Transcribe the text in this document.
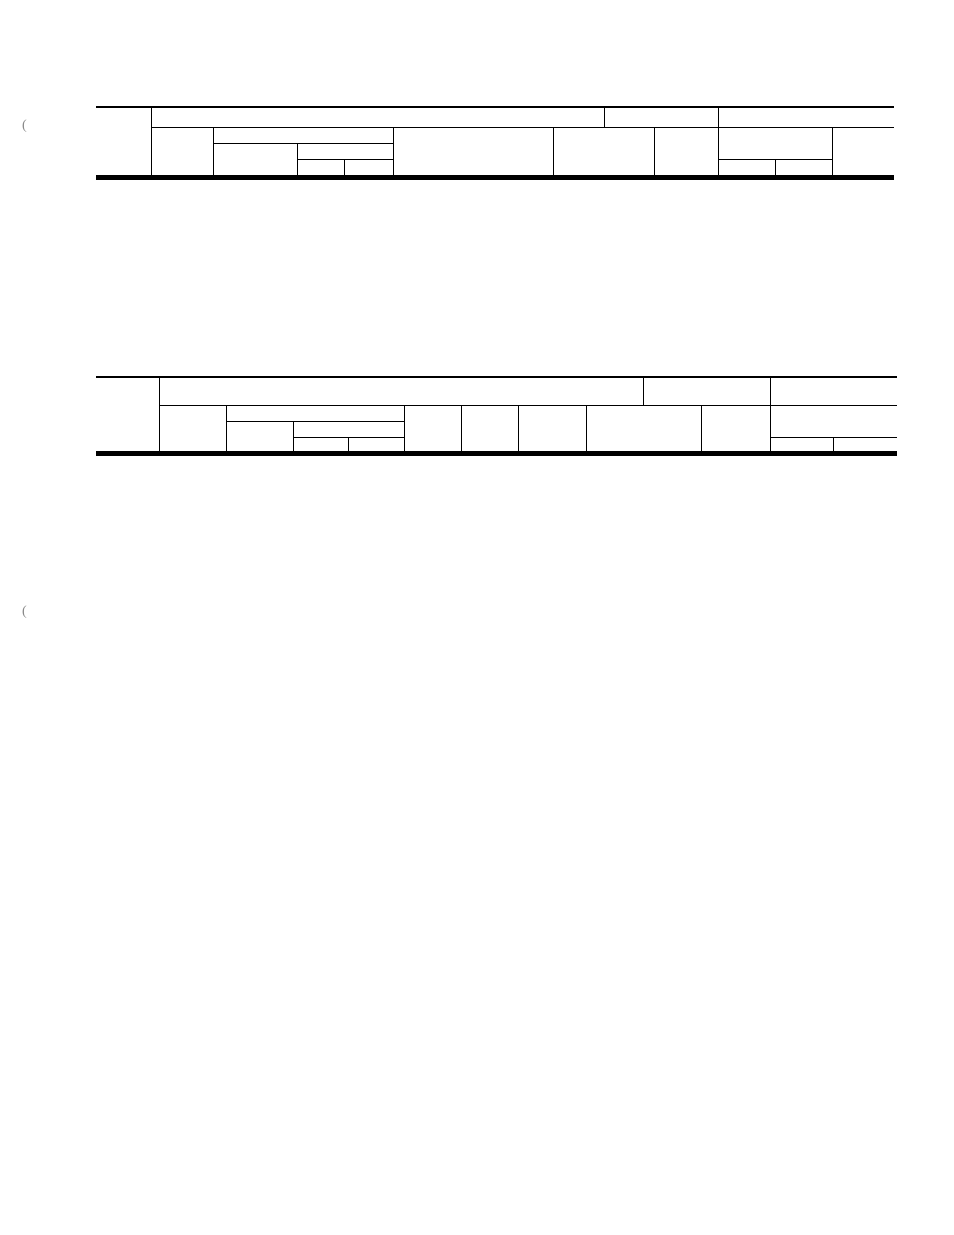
(
(
